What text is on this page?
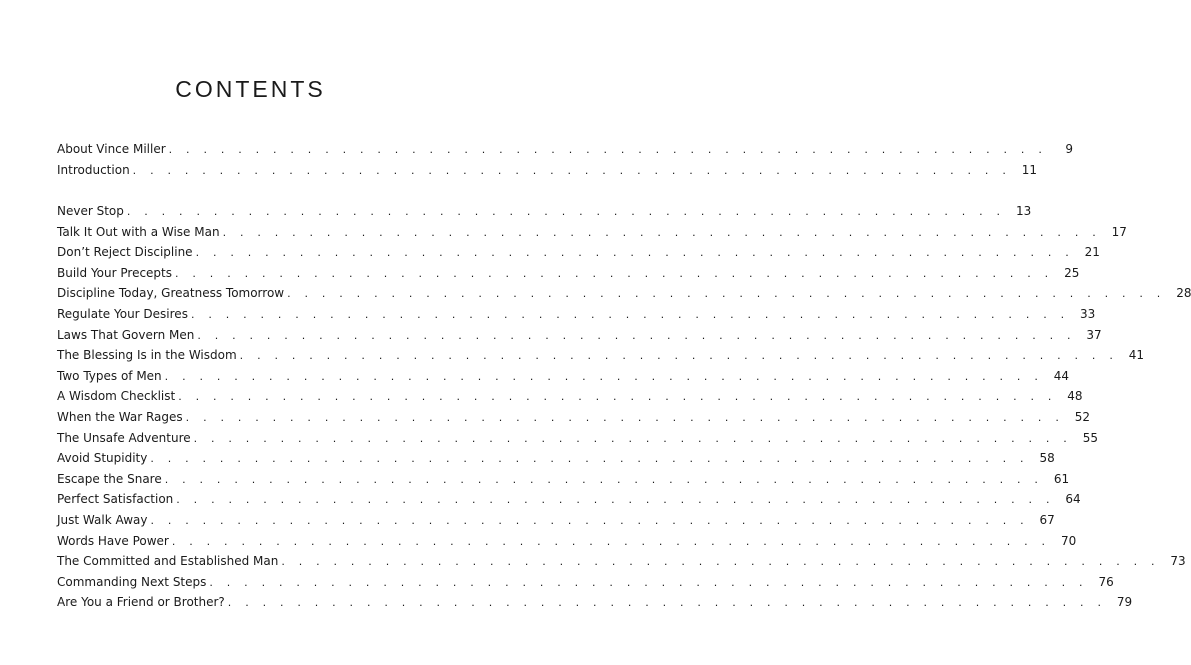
CONTENTS
About Vince Miller . . . . . . . . . . . . . . . . . . . . . . . . . . . . . . . . . . . . . . . . . . . . . . . . . . .	9
Introduction . . . . . . . . . . . . . . . . . . . . . . . . . . . . . . . . . . . . . . . . . . . . . . . . . . . 11
Never Stop . . . . . . . . . . . . . . . . . . . . . . . . . . . . . . . . . . . . . . . . . . . . . . . . . . . 13
Talk It Out with a Wise Man . . . . . . . . . . . . . . . . . . . . . . . . . . . . . . . . . . . . . . . . . . . . . . . . . . . 17
Don’t Reject Discipline . . . . . . . . . . . . . . . . . . . . . . . . . . . . . . . . . . . . . . . . . . . . . . . . . . . 21
Build Your Precepts . . . . . . . . . . . . . . . . . . . . . . . . . . . . . . . . . . . . . . . . . . . . . . . . . . . 25
Discipline Today, Greatness Tomorrow . . . . . . . . . . . . . . . . . . . . . . . . . . . . . . . . . . . . . . . . . . . . . . . . . . . 28
Regulate Your Desires . . . . . . . . . . . . . . . . . . . . . . . . . . . . . . . . . . . . . . . . . . . . . . . . . . . 33
Laws That Govern Men . . . . . . . . . . . . . . . . . . . . . . . . . . . . . . . . . . . . . . . . . . . . . . . . . . . 37
The Blessing Is in the Wisdom . . . . . . . . . . . . . . . . . . . . . . . . . . . . . . . . . . . . . . . . . . . . . . . . . . . 41
Two Types of Men . . . . . . . . . . . . . . . . . . . . . . . . . . . . . . . . . . . . . . . . . . . . . . . . . . . 44
A Wisdom Checklist . . . . . . . . . . . . . . . . . . . . . . . . . . . . . . . . . . . . . . . . . . . . . . . . . . . 48
When the War Rages . . . . . . . . . . . . . . . . . . . . . . . . . . . . . . . . . . . . . . . . . . . . . . . . . . . 52
The Unsafe Adventure . . . . . . . . . . . . . . . . . . . . . . . . . . . . . . . . . . . . . . . . . . . . . . . . . . . 55
Avoid Stupidity . . . . . . . . . . . . . . . . . . . . . . . . . . . . . . . . . . . . . . . . . . . . . . . . . . . 58
Escape the Snare . . . . . . . . . . . . . . . . . . . . . . . . . . . . . . . . . . . . . . . . . . . . . . . . . . . 61
Perfect Satisfaction . . . . . . . . . . . . . . . . . . . . . . . . . . . . . . . . . . . . . . . . . . . . . . . . . . . 64
Just Walk Away . . . . . . . . . . . . . . . . . . . . . . . . . . . . . . . . . . . . . . . . . . . . . . . . . . . 67
Words Have Power . . . . . . . . . . . . . . . . . . . . . . . . . . . . . . . . . . . . . . . . . . . . . . . . . . . 70
The Committed and Established Man . . . . . . . . . . . . . . . . . . . . . . . . . . . . . . . . . . . . . . . . . . . . . . . . . . . 73
Commanding Next Steps . . . . . . . . . . . . . . . . . . . . . . . . . . . . . . . . . . . . . . . . . . . . . . . . . . . 76
Are You a Friend or Brother? . . . . . . . . . . . . . . . . . . . . . . . . . . . . . . . . . . . . . . . . . . . . . . . . . . . 79
